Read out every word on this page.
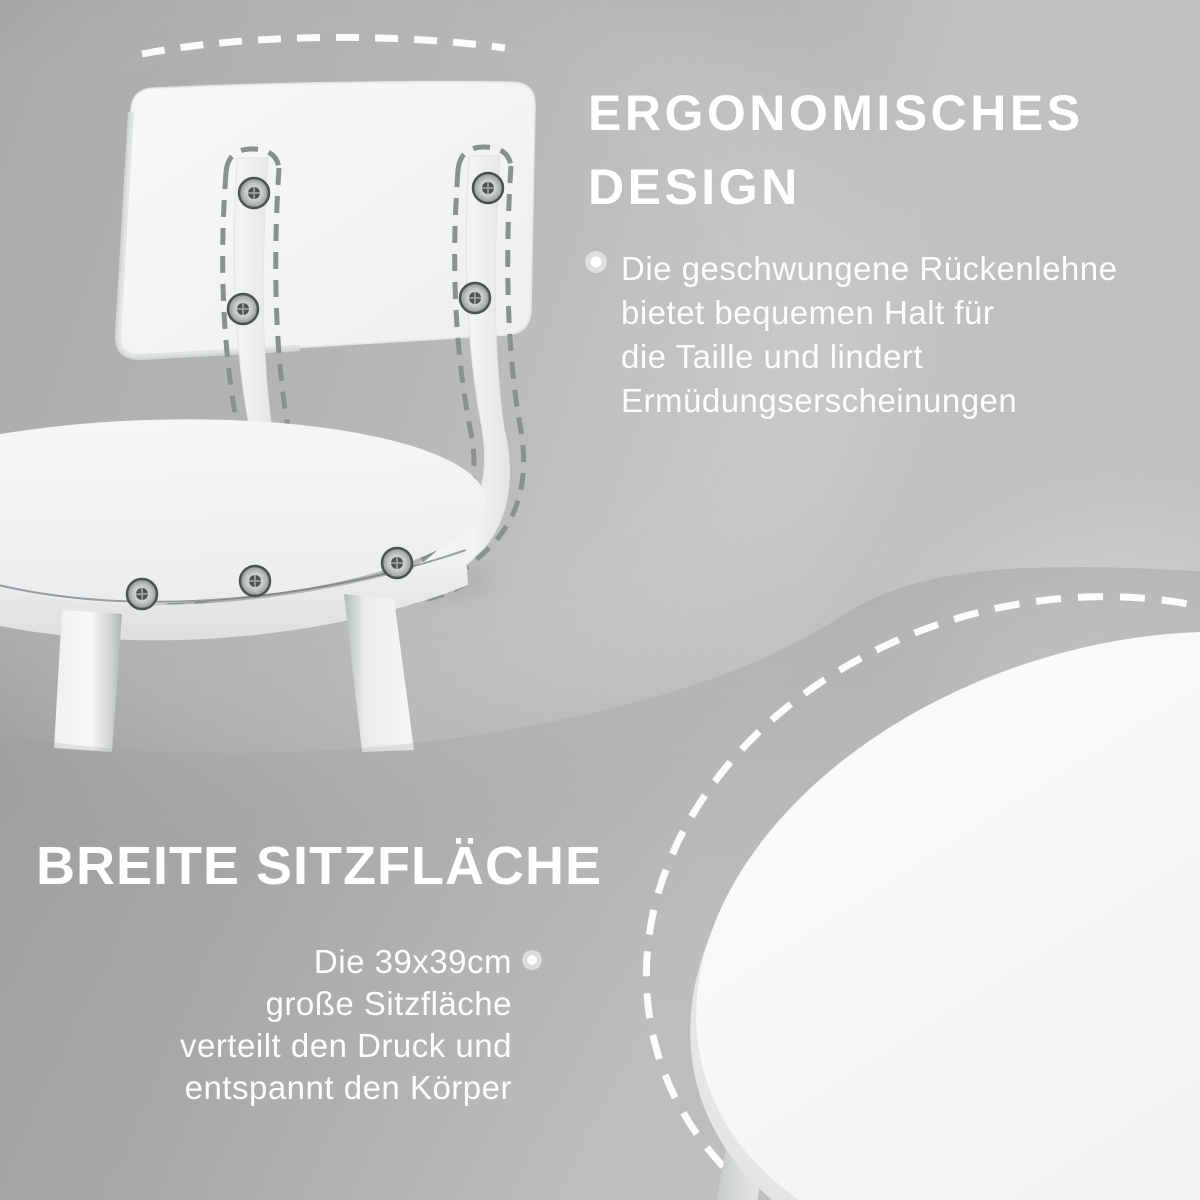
ERGONOMISCHES
DESIGN
Die geschwungene Rückenlehne
bietet bequemen Halt für
die Taille und lindert
Ermüdungserscheinungen
BREITE SITZFLÄCHE
Die 39x39cm
große Sitzfläche
verteilt den Druck und
entspannt den Körper
